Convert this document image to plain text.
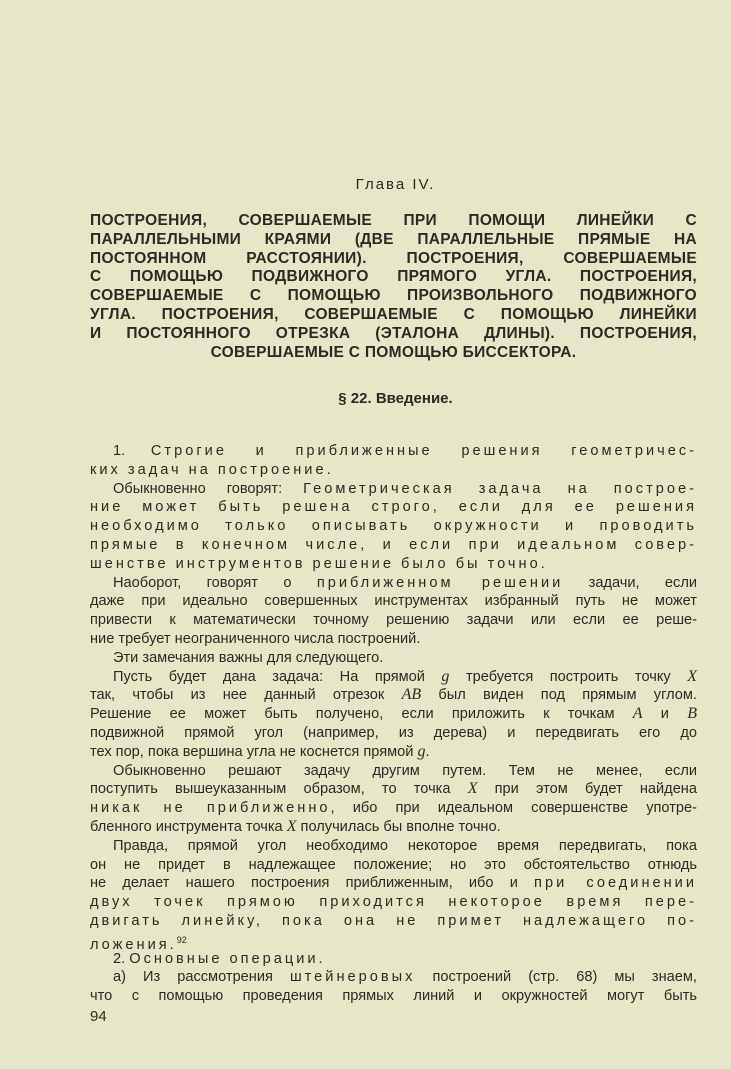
Глава IV.
ПОСТРОЕНИЯ, СОВЕРШАЕМЫЕ ПРИ ПОМОЩИ ЛИНЕЙКИ С
ПАРАЛЛЕЛЬНЫМИ КРАЯМИ (ДВЕ ПАРАЛЛЕЛЬНЫЕ ПРЯМЫЕ НА
ПОСТОЯННОМ РАССТОЯНИИ). ПОСТРОЕНИЯ, СОВЕРШАЕМЫЕ
С ПОМОЩЬЮ ПОДВИЖНОГО ПРЯМОГО УГЛА. ПОСТРОЕНИЯ,
СОВЕРШАЕМЫЕ С ПОМОЩЬЮ ПРОИЗВОЛЬНОГО ПОДВИЖНОГО
УГЛА. ПОСТРОЕНИЯ, СОВЕРШАЕМЫЕ С ПОМОЩЬЮ ЛИНЕЙКИ
И ПОСТОЯННОГО ОТРЕЗКА (ЭТАЛОНА ДЛИНЫ). ПОСТРОЕНИЯ,
СОВЕРШАЕМЫЕ С ПОМОЩЬЮ БИССЕКТОРА.
§ 22. Введение.
1. Строгие и приближенные решения геометричес-
ких задач на построение.
Обыкновенно говорят: Геометрическая задача на построе-
ние может быть решена строго, если для ее решения
необходимо только описывать окружности и проводить
прямые в конечном числе, и если при идеальном совер-
шенстве инструментов решение было бы точно.
Наоборот, говорят о приближенном решении задачи, если
даже при идеально совершенных инструментах избранный путь не может
привести к математически точному решению задачи или если ее реше-
ние требует неограниченного числа построений.
Эти замечания важны для следующего.
Пусть будет дана задача: На прямой g требуется построить точку X
так, чтобы из нее данный отрезок AB был виден под прямым углом.
Решение ее может быть получено, если приложить к точкам A и B
подвижной прямой угол (например, из дерева) и передвигать его до
тех пор, пока вершина угла не коснется прямой g.
Обыкновенно решают задачу другим путем. Тем не менее, если
поступить вышеуказанным образом, то точка X при этом будет найдена
никак не приближенно, ибо при идеальном совершенстве употре-
бленного инструмента точка X получилась бы вполне точно.
Правда, прямой угол необходимо некоторое время передвигать, пока
он не придет в надлежащее положение; но это обстоятельство отнюдь
не делает нашего построения приближенным, ибо и при соединении
двух точек прямою приходится некоторое время пере-
двигать линейку, пока она не примет надлежащего по-
ложения.$^{92}$
2. Основные операции.
а) Из рассмотрения штейнеровых построений (стр. 68) мы знаем,
что с помощью проведения прямых линий и окружностей могут быть
94
